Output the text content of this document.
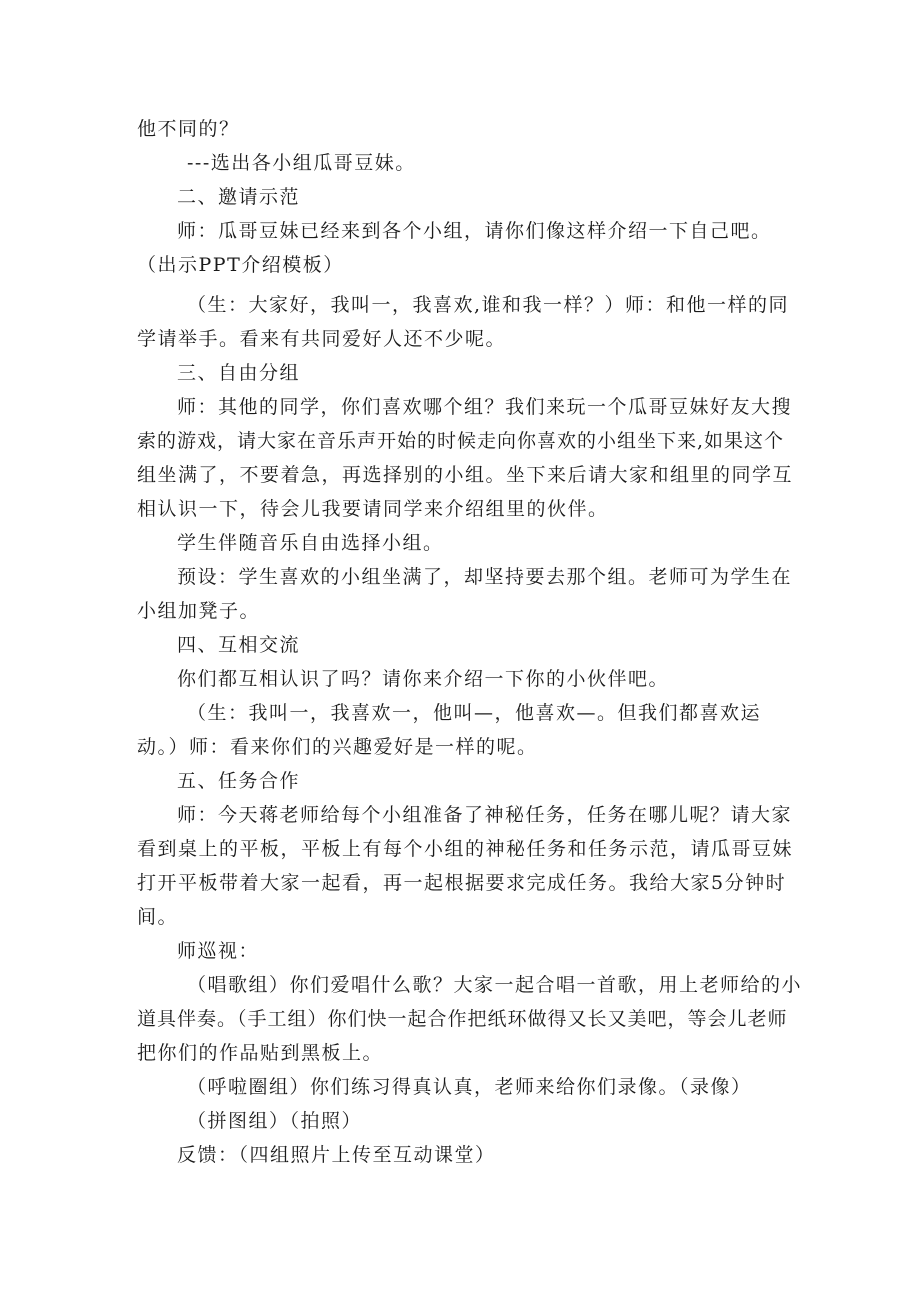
他不同的？
---选出各小组瓜哥豆妹。
二、邀请示范
师：瓜哥豆妹已经来到各个小组，请你们像这样介绍一下自己吧。
（出示PPT介绍模板）
（生：大家好，我叫一，我喜欢,谁和我一样？）师：和他一样的同
学请举手。看来有共同爱好人还不少呢。
三、自由分组
师：其他的同学，你们喜欢哪个组？我们来玩一个瓜哥豆妹好友大搜
索的游戏，请大家在音乐声开始的时候走向你喜欢的小组坐下来,如果这个
组坐满了，不要着急，再选择别的小组。坐下来后请大家和组里的同学互
相认识一下，待会儿我要请同学来介绍组里的伙伴。
学生伴随音乐自由选择小组。
预设：学生喜欢的小组坐满了，却坚持要去那个组。老师可为学生在
小组加凳子。
四、互相交流
你们都互相认识了吗？请你来介绍一下你的小伙伴吧。
（生：我叫一，我喜欢一，他叫—，他喜欢—。但我们都喜欢运
动。）师：看来你们的兴趣爱好是一样的呢。
五、任务合作
师：今天蒋老师给每个小组准备了神秘任务，任务在哪儿呢？请大家
看到桌上的平板，平板上有每个小组的神秘任务和任务示范，请瓜哥豆妹
打开平板带着大家一起看，再一起根据要求完成任务。我给大家5分钟时
间。
师巡视：
（唱歌组）你们爱唱什么歌？大家一起合唱一首歌，用上老师给的小
道具伴奏。（手工组）你们快一起合作把纸环做得又长又美吧，等会儿老师
把你们的作品贴到黑板上。
（呼啦圈组）你们练习得真认真，老师来给你们录像。（录像）
（拼图组）（拍照）
反馈：（四组照片上传至互动课堂）
